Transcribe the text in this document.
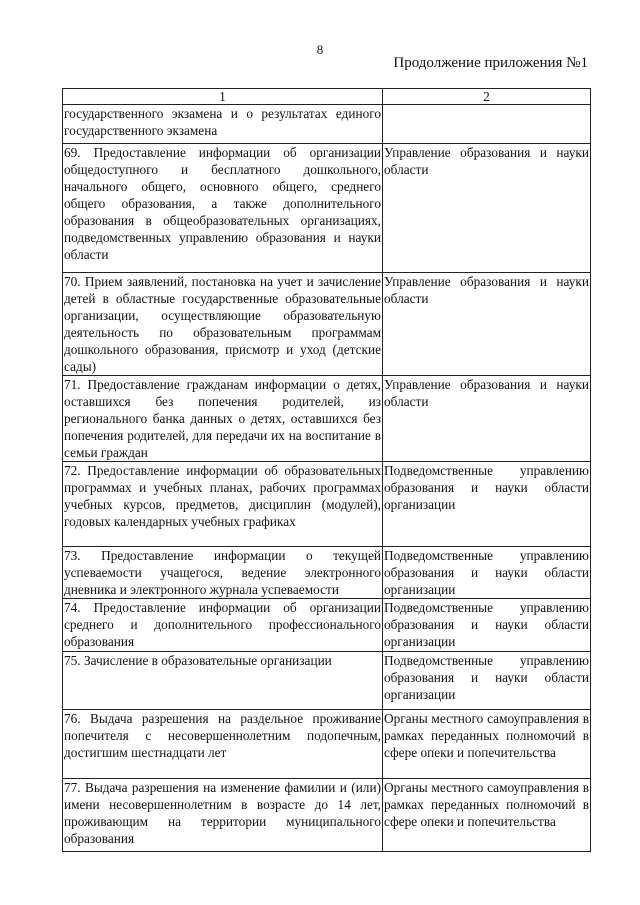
8
Продолжение приложения №1
1	2

государственного экзамена и о результатах единого государственного экзамена	

69. Предоставление информации об организации общедоступного и бесплатного дошкольного, начального общего, основного общего, среднего общего образования, а также дополнительного образования в общеобразовательных организациях, подведомственных управлению образования и науки области	Управление образования и науки области

70. Прием заявлений, постановка на учет и зачисление детей в областные государственные образовательные организации, осуществляющие образовательную деятельность по образовательным программам дошкольного образования, присмотр и уход (детские сады)	Управление образования и науки области

71. Предоставление гражданам информации о детях, оставшихся без попечения родителей, из регионального банка данных о детях, оставшихся без попечения родителей, для передачи их на воспитание в семьи граждан	Управление образования и науки области

72. Предоставление информации об образовательных программах и учебных планах, рабочих программах учебных курсов, предметов, дисциплин (модулей), годовых календарных учебных графиках	Подведомственные управлению образования и науки области организации

73. Предоставление информации о текущей успеваемости учащегося, ведение электронного дневника и электронного журнала успеваемости	Подведомственные управлению образования и науки области организации

74. Предоставление информации об организации среднего и дополнительного профессионального образования	Подведомственные управлению образования и науки области организации

75. Зачисление в образовательные организации	Подведомственные управлению образования и науки области организации

76. Выдача разрешения на раздельное проживание попечителя с несовершеннолетним подопечным, достигшим шестнадцати лет	Органы местного самоуправления в рамках переданных полномочий в сфере опеки и попечительства

77. Выдача разрешения на изменение фамилии и (или) имени несовершеннолетним в возрасте до 14 лет, проживающим на территории муниципального образования	Органы местного самоуправления в рамках переданных полномочий в сфере опеки и попечительства
